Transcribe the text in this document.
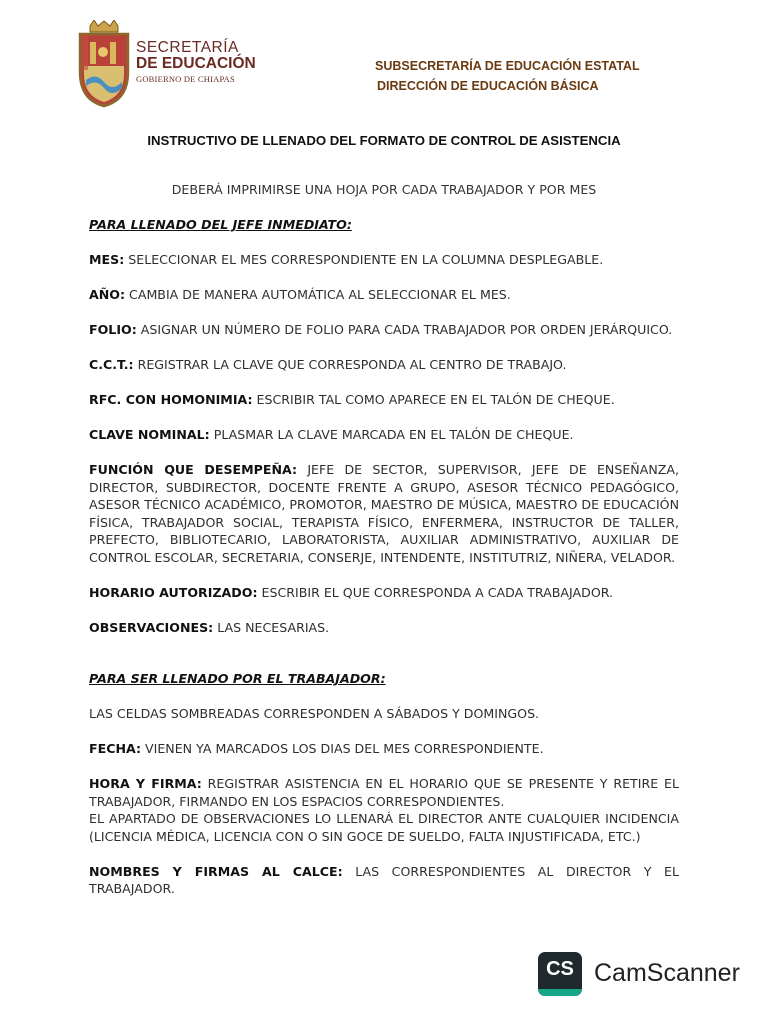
SECRETARÍA
DE EDUCACIÓN
GOBIERNO DE CHIAPAS
SUBSECRETARÍA DE EDUCACIÓN ESTATAL
DIRECCIÓN DE EDUCACIÓN BÁSICA
INSTRUCTIVO DE LLENADO DEL FORMATO DE CONTROL DE ASISTENCIA
DEBERÁ IMPRIMIRSE UNA HOJA POR CADA TRABAJADOR Y POR MES
PARA LLENADO DEL JEFE INMEDIATO:

MES: SELECCIONAR EL MES CORRESPONDIENTE EN LA COLUMNA DESPLEGABLE.

AÑO: CAMBIA DE MANERA AUTOMÁTICA AL SELECCIONAR EL MES.

FOLIO: ASIGNAR UN NÚMERO DE FOLIO PARA CADA TRABAJADOR POR ORDEN JERÁRQUICO.

C.C.T.: REGISTRAR LA CLAVE QUE CORRESPONDA AL CENTRO DE TRABAJO.

RFC. CON HOMONIMIA: ESCRIBIR TAL COMO APARECE EN EL TALÓN DE CHEQUE.

CLAVE NOMINAL: PLASMAR LA CLAVE MARCADA EN EL TALÓN DE CHEQUE.

FUNCIÓN QUE DESEMPEÑA: JEFE DE SECTOR, SUPERVISOR, JEFE DE ENSEÑANZA, DIRECTOR, SUBDIRECTOR, DOCENTE FRENTE A GRUPO, ASESOR TÉCNICO PEDAGÓGICO, ASESOR TÉCNICO ACADÉMICO, PROMOTOR, MAESTRO DE MÚSICA, MAESTRO DE EDUCACIÓN FÍSICA, TRABAJADOR SOCIAL, TERAPISTA FÍSICO, ENFERMERA, INSTRUCTOR DE TALLER, PREFECTO, BIBLIOTECARIO, LABORATORISTA, AUXILIAR ADMINISTRATIVO, AUXILIAR DE CONTROL ESCOLAR, SECRETARIA, CONSERJE, INTENDENTE, INSTITUTRIZ, NIÑERA, VELADOR.

HORARIO AUTORIZADO: ESCRIBIR EL QUE CORRESPONDA A CADA TRABAJADOR.

OBSERVACIONES: LAS NECESARIAS.

PARA SER LLENADO POR EL TRABAJADOR:

LAS CELDAS SOMBREADAS CORRESPONDEN A SÁBADOS Y DOMINGOS.

FECHA: VIENEN YA MARCADOS LOS DIAS DEL MES CORRESPONDIENTE.

HORA Y FIRMA: REGISTRAR ASISTENCIA EN EL HORARIO QUE SE PRESENTE Y RETIRE EL TRABAJADOR, FIRMANDO EN LOS ESPACIOS CORRESPONDIENTES.

EL APARTADO DE OBSERVACIONES LO LLENARÁ EL DIRECTOR ANTE CUALQUIER INCIDENCIA (LICENCIA MÉDICA, LICENCIA CON O SIN GOCE DE SUELDO, FALTA INJUSTIFICADA, ETC.)

NOMBRES Y FIRMAS AL CALCE: LAS CORRESPONDIENTES AL DIRECTOR Y EL TRABAJADOR.

CS CamScanner
